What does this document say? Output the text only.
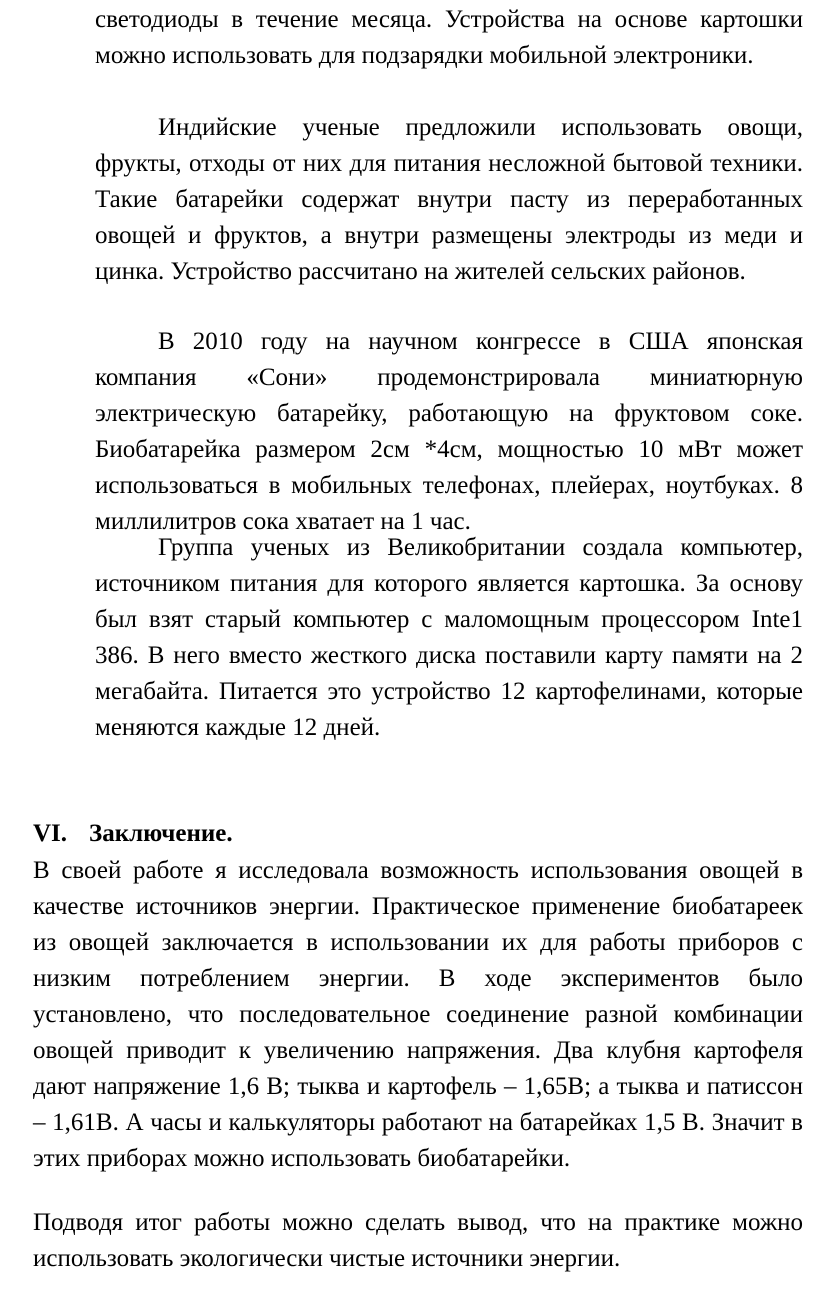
светодиоды в течение месяца. Устройства на основе картошки можно использовать для подзарядки мобильной электроники.

Индийские ученые предложили использовать овощи, фрукты, отходы от них для питания несложной бытовой техники. Такие батарейки содержат внутри пасту из переработанных овощей и фруктов, а внутри размещены электроды из меди и цинка. Устройство рассчитано на жителей сельских районов.

В 2010 году на научном конгрессе в США японская компания «Сони» продемонстрировала миниатюрную электрическую батарейку, работающую на фруктовом соке. Биобатарейка размером 2см *4см, мощностью 10 мВт может использоваться в мобильных телефонах, плейерах, ноутбуках. 8 миллилитров сока хватает на 1 час.

Группа ученых из Великобритании создала компьютер, источником питания для которого является картошка. За основу был взят старый компьютер с маломощным процессором Inte1 386. В него вместо жесткого диска поставили карту памяти на 2 мегабайта. Питается это устройство 12 картофелинами, которые меняются каждые 12 дней.

VI. Заключение.

В своей работе я исследовала возможность использования овощей в качестве источников энергии. Практическое применение биобатареек из овощей заключается в использовании их для работы приборов с низким потреблением энергии. В ходе экспериментов было установлено, что последовательное соединение разной комбинации овощей приводит к увеличению напряжения. Два клубня картофеля дают напряжение 1,6 В; тыква и картофель – 1,65В; а тыква и патиссон – 1,61В. А часы и калькуляторы работают на батарейках 1,5 В. Значит в этих приборах можно использовать биобатарейки.

Подводя итог работы можно сделать вывод, что на практике можно использовать экологически чистые источники энергии.
